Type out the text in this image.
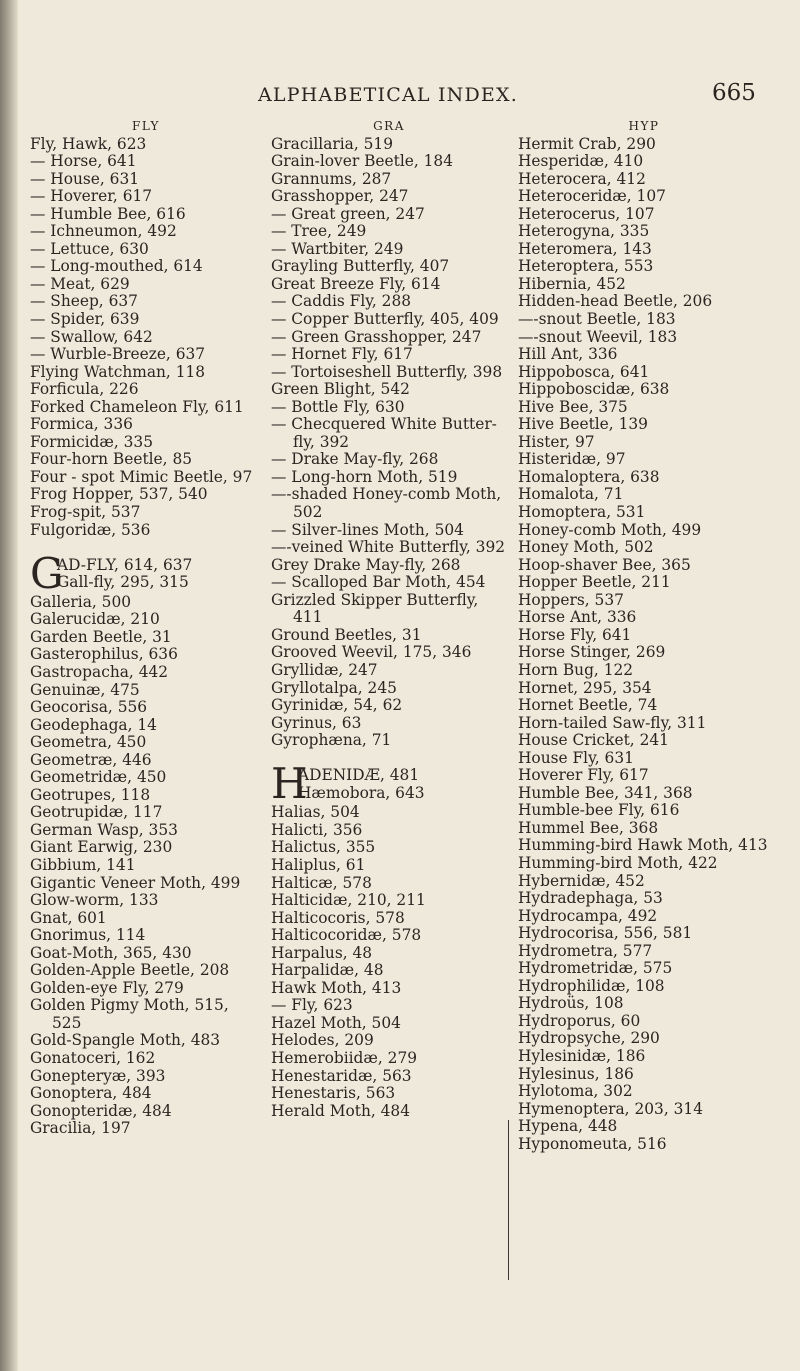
ALPHABETICAL INDEX.	665
FLY
Fly, Hawk, 623
— Horse, 641
— House, 631
— Hoverer, 617
— Humble Bee, 616
— Ichneumon, 492
— Lettuce, 630
— Long-mouthed, 614
— Meat, 629
— Sheep, 637
— Spider, 639
— Swallow, 642
— Wurble-Breeze, 637
Flying Watchman, 118
Forficula, 226
Forked Chameleon Fly, 611
Formica, 336
Formicidæ, 335
Four-horn Beetle, 85
Four - spot Mimic Beetle, 97
Frog Hopper, 537, 540
Frog-spit, 537
Fulgoridæ, 536
G
AD-FLY, 614, 637
Gall-fly, 295, 315
Galleria, 500
Galerucidæ, 210
Garden Beetle, 31
Gasterophilus, 636
Gastropacha, 442
Genuinæ, 475
Geocorisa, 556
Geodephaga, 14
Geometra, 450
Geometræ, 446
Geometridæ, 450
Geotrupes, 118
Geotrupidæ, 117
German Wasp, 353
Giant Earwig, 230
Gibbium, 141
Gigantic Veneer Moth, 499
Glow-worm, 133
Gnat, 601
Gnorimus, 114
Goat-Moth, 365, 430
Golden-Apple Beetle, 208
Golden-eye Fly, 279
Golden Pigmy Moth, 515, 525
Gold-Spangle Moth, 483
Gonatoceri, 162
Gonepteryæ, 393
Gonoptera, 484
Gonopteridæ, 484
Gracilia, 197
GRA
Gracillaria, 519
Grain-lover Beetle, 184
Grannums, 287
Grasshopper, 247
— Great green, 247
— Tree, 249
— Wartbiter, 249
Grayling Butterfly, 407
Great Breeze Fly, 614
— Caddis Fly, 288
— Copper Butterfly, 405, 409
— Green Grasshopper, 247
— Hornet Fly, 617
— Tortoiseshell Butterfly, 398
Green Blight, 542
— Bottle Fly, 630
— Checquered White Butter-fly, 392
— Drake May-fly, 268
— Long-horn Moth, 519
—-shaded Honey-comb Moth, 502
— Silver-lines Moth, 504
—-veined White Butterfly, 392
Grey Drake May-fly, 268
— Scalloped Bar Moth, 454
Grizzled Skipper Butterfly, 411
Ground Beetles, 31
Grooved Weevil, 175, 346
Gryllidæ, 247
Gryllotalpa, 245
Gyrinidæ, 54, 62
Gyrinus, 63
Gyrophæna, 71
H
ADENIDÆ, 481
Hæmobora, 643
Halias, 504
Halicti, 356
Halictus, 355
Haliplus, 61
Halticæ, 578
Halticidæ, 210, 211
Halticocoris, 578
Halticocoridæ, 578
Harpalus, 48
Harpalidæ, 48
Hawk Moth, 413
— Fly, 623
Hazel Moth, 504
Helodes, 209
Hemerobiidæ, 279
Henestaridæ, 563
Henestaris, 563
Herald Moth, 484
HYP
Hermit Crab, 290
Hesperidæ, 410
Heterocera, 412
Heteroceridæ, 107
Heterocerus, 107
Heterogyna, 335
Heteromera, 143
Heteroptera, 553
Hibernia, 452
Hidden-head Beetle, 206
—-snout Beetle, 183
—-snout Weevil, 183
Hill Ant, 336
Hippobosca, 641
Hippoboscidæ, 638
Hive Bee, 375
Hive Beetle, 139
Hister, 97
Histeridæ, 97
Homaloptera, 638
Homalota, 71
Homoptera, 531
Honey-comb Moth, 499
Honey Moth, 502
Hoop-shaver Bee, 365
Hopper Beetle, 211
Hoppers, 537
Horse Ant, 336
Horse Fly, 641
Horse Stinger, 269
Horn Bug, 122
Hornet, 295, 354
Hornet Beetle, 74
Horn-tailed Saw-fly, 311
House Cricket, 241
House Fly, 631
Hoverer Fly, 617
Humble Bee, 341, 368
Humble-bee Fly, 616
Hummel Bee, 368
Humming-bird Hawk Moth, 413
Humming-bird Moth, 422
Hybernidæ, 452
Hydradephaga, 53
Hydrocampa, 492
Hydrocorisa, 556, 581
Hydrometra, 577
Hydrometridæ, 575
Hydrophilidæ, 108
Hydroüs, 108
Hydroporus, 60
Hydropsyche, 290
Hylesinidæ, 186
Hylesinus, 186
Hylotoma, 302
Hymenoptera, 203, 314
Hypena, 448
Hyponomeuta, 516
